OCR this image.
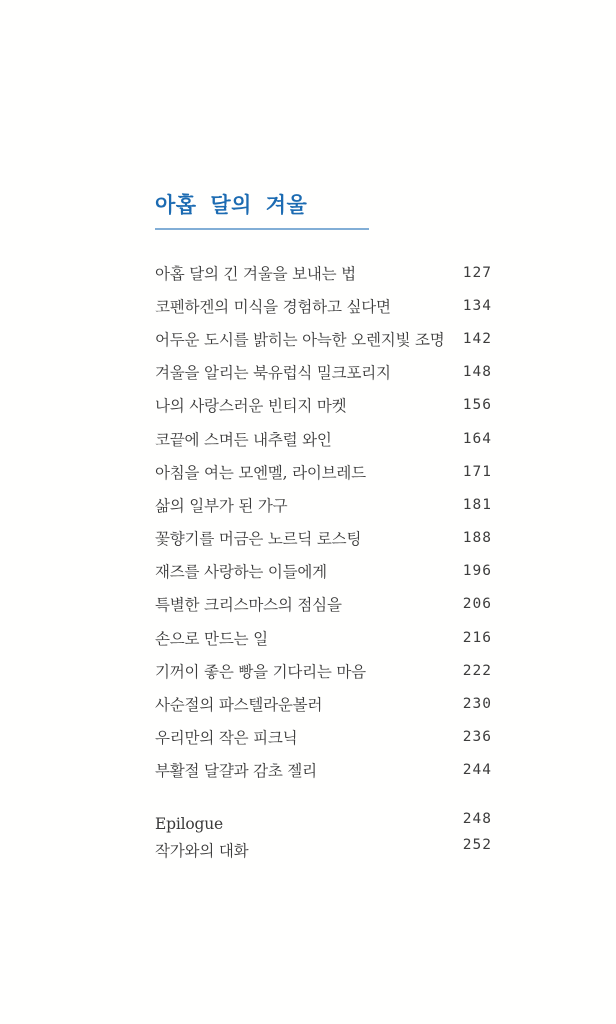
아홉 달의 겨울
아홉 달의 긴 겨울을 보내는 법	127
코펜하겐의 미식을 경험하고 싶다면	134
어두운 도시를 밝히는 아늑한 오렌지빛 조명 142
겨울을 알리는 북유럽식 밀크포리지	148
나의 사랑스러운 빈티지 마켓	156
코끝에 스며든 내추럴 와인	164
아침을 여는 모엔멜, 라이브레드	171
삶의 일부가 된 가구	181
꽃향기를 머금은 노르딕 로스팅	188
재즈를 사랑하는 이들에게	196
특별한 크리스마스의 점심을	206
손으로 만드는 일	216
기꺼이 좋은 빵을 기다리는 마음	222
사순절의 파스텔라운볼러	230
우리만의 작은 피크닉	236
부활절 달걀과 감초 젤리	244
Epilogue	248
작가와의 대화	252
